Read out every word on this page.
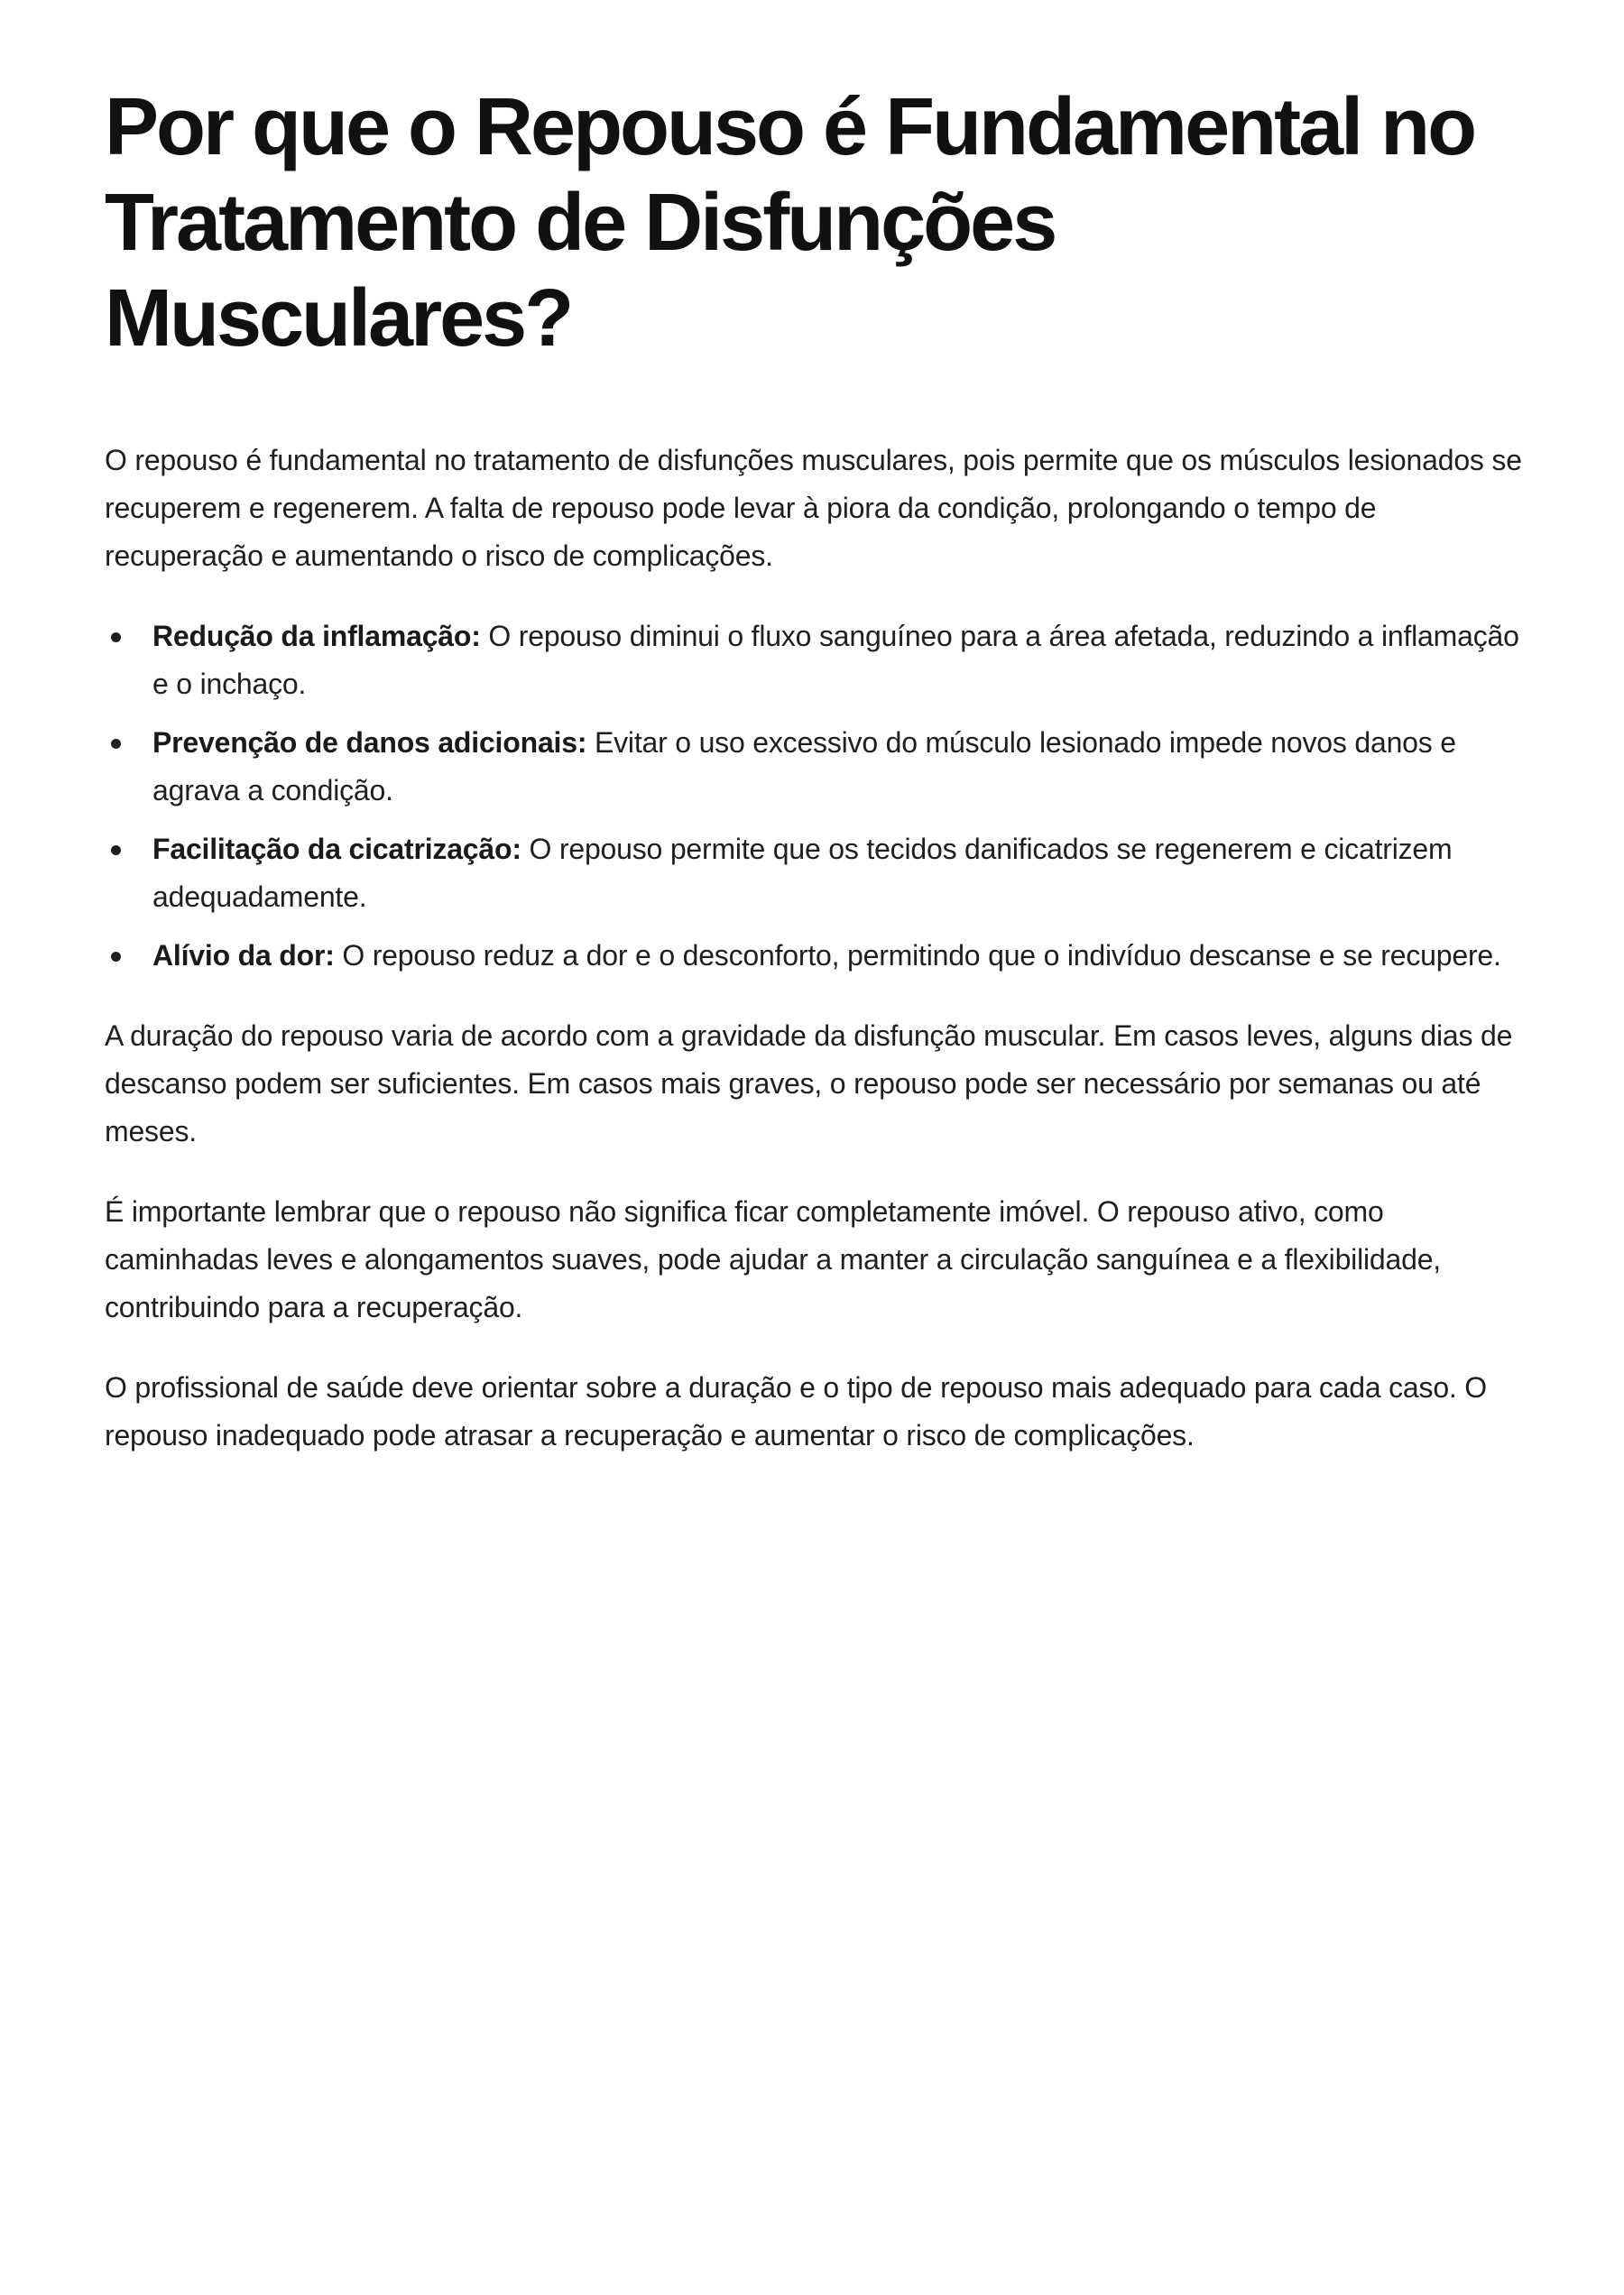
Por que o Repouso é Fundamental no Tratamento de Disfunções Musculares?

O repouso é fundamental no tratamento de disfunções musculares, pois permite que os músculos lesionados se recuperem e regenerem. A falta de repouso pode levar à piora da condição, prolongando o tempo de recuperação e aumentando o risco de complicações.

Redução da inflamação: O repouso diminui o fluxo sanguíneo para a área afetada, reduzindo a inflamação e o inchaço.
Prevenção de danos adicionais: Evitar o uso excessivo do músculo lesionado impede novos danos e agrava a condição.
Facilitação da cicatrização: O repouso permite que os tecidos danificados se regenerem e cicatrizem adequadamente.
Alívio da dor: O repouso reduz a dor e o desconforto, permitindo que o indivíduo descanse e se recupere.

A duração do repouso varia de acordo com a gravidade da disfunção muscular. Em casos leves, alguns dias de descanso podem ser suficientes. Em casos mais graves, o repouso pode ser necessário por semanas ou até meses.

É importante lembrar que o repouso não significa ficar completamente imóvel. O repouso ativo, como caminhadas leves e alongamentos suaves, pode ajudar a manter a circulação sanguínea e a flexibilidade, contribuindo para a recuperação.

O profissional de saúde deve orientar sobre a duração e o tipo de repouso mais adequado para cada caso. O repouso inadequado pode atrasar a recuperação e aumentar o risco de complicações.
